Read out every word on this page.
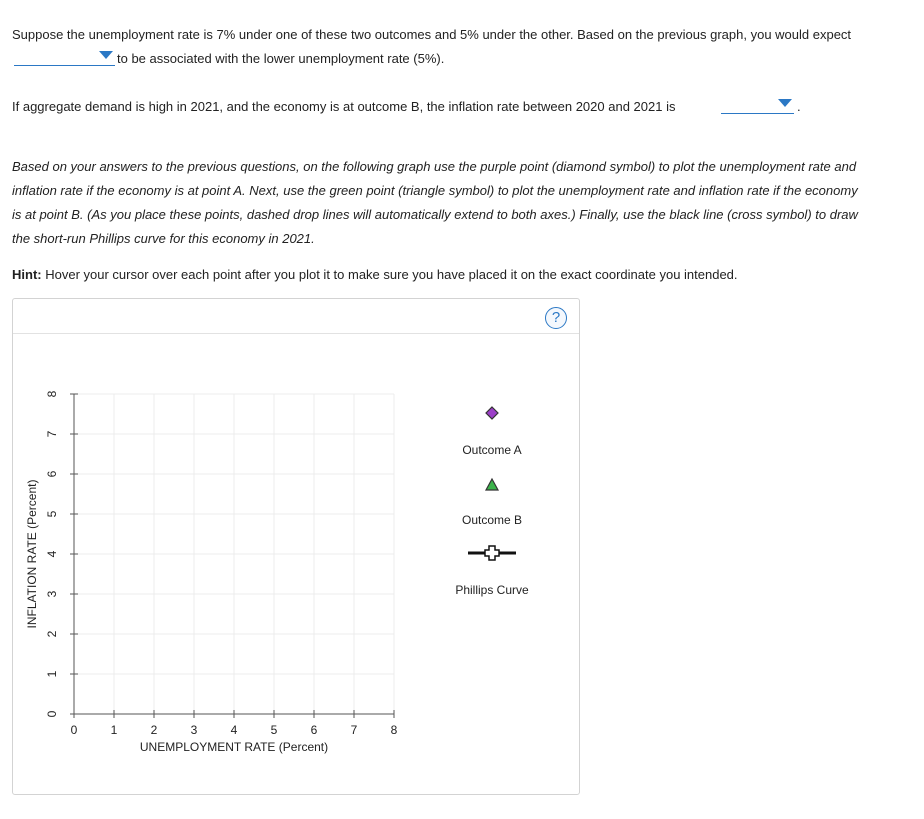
Suppose the unemployment rate is 7% under one of these two outcomes and 5% under the other. Based on the previous graph, you would expect
to be associated with the lower unemployment rate (5%).
If aggregate demand is high in 2021, and the economy is at outcome B, the inflation rate between 2020 and 2021 is	.
Based on your answers to the previous questions, on the following graph use the purple point (diamond symbol) to plot the unemployment rate and
inflation rate if the economy is at point A. Next, use the green point (triangle symbol) to plot the unemployment rate and inflation rate if the economy
is at point B. (As you place these points, dashed drop lines will automatically extend to both axes.) Finally, use the black line (cross symbol) to draw
the short-run Phillips curve for this economy in 2021.
Hint: Hover your cursor over each point after you plot it to make sure you have placed it on the exact coordinate you intended.
?
0	1	2	3	4	5	6	7	8
0
1
2
3
4
5
6
7
8
UNEMPLOYMENT RATE (Percent)
INFLATION RATE (Percent)
Outcome A
Outcome B
Phillips Curve
